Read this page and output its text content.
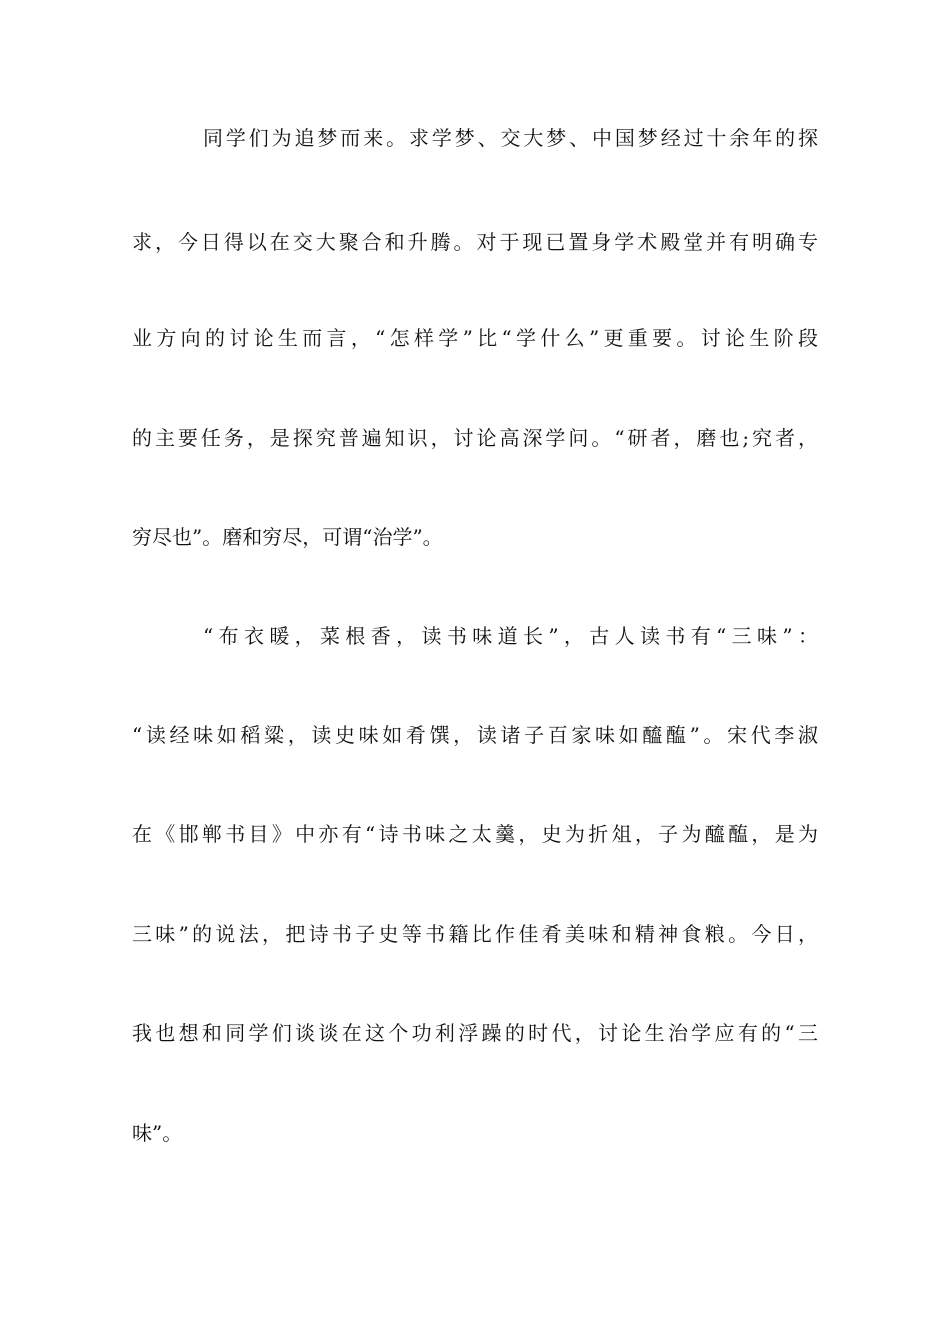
同学们为追梦而来。求学梦、交大梦、中国梦经过十余年的探
求，今日得以在交大聚合和升腾。对于现已置身学术殿堂并有明确专
业方向的讨论生而言，“怎样学”比“学什么”更重要。讨论生阶段
的主要任务，是探究普遍知识，讨论高深学问。“研者，磨也;究者，
穷尽也”。磨和穷尽，可谓“治学”。
“布衣暖，菜根香，读书味道长”，古人读书有“三味”：
“读经味如稻粱，读史味如肴馔，读诸子百家味如醯醢”。宋代李淑
在《邯郸书目》中亦有“诗书味之太羹，史为折俎，子为醯醢，是为
三味”的说法，把诗书子史等书籍比作佳肴美味和精神食粮。今日，
我也想和同学们谈谈在这个功利浮躁的时代，讨论生治学应有的“三
味”。
